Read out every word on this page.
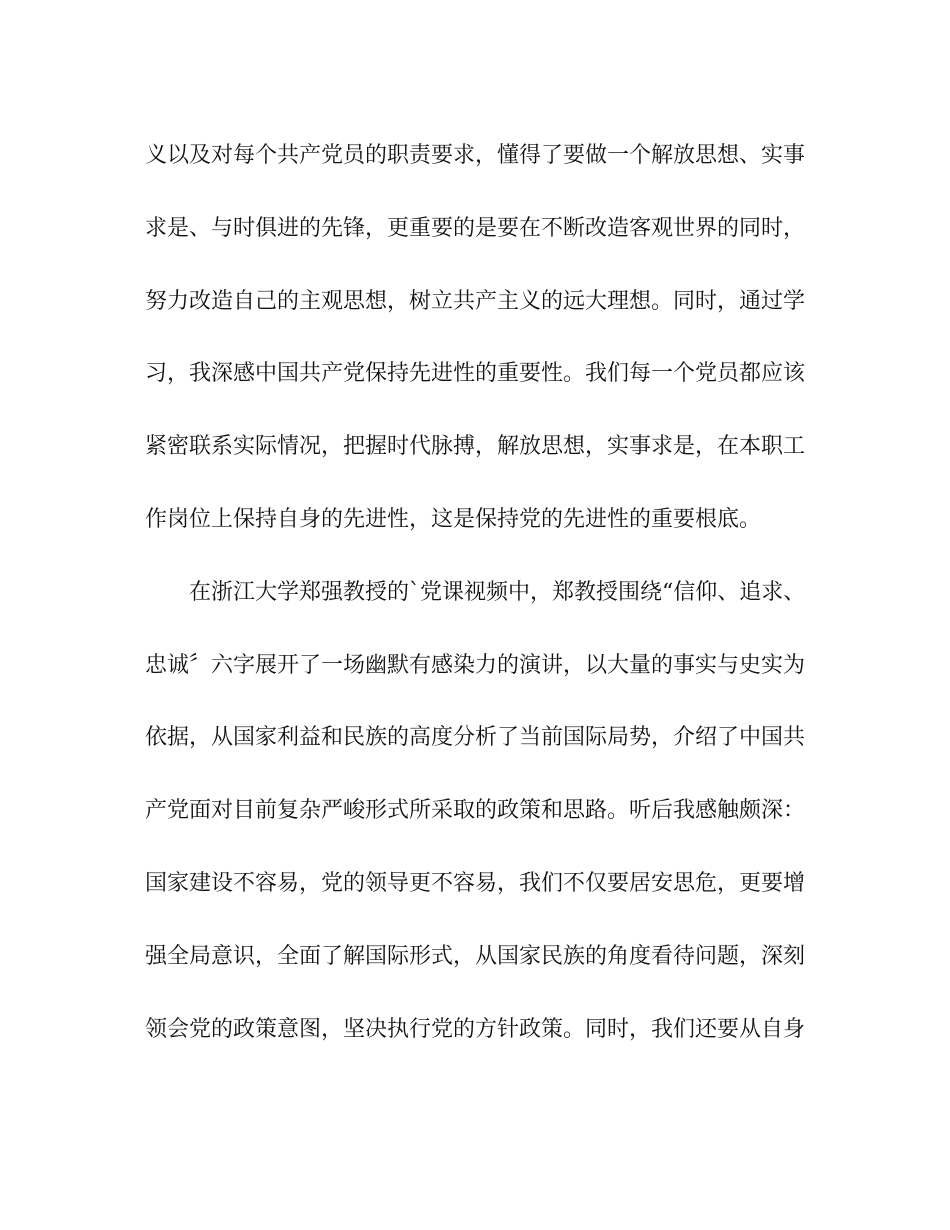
义以及对每个共产党员的职责要求，懂得了要做一个解放思想、实事
求是、与时俱进的先锋，更重要的是要在不断改造客观世界的同时，
努力改造自己的主观思想，树立共产主义的远大理想。同时，通过学
习，我深感中国共产党保持先进性的重要性。我们每一个党员都应该
紧密联系实际情况，把握时代脉搏，解放思想，实事求是，在本职工
作岗位上保持自身的先进性，这是保持党的先进性的重要根底。
在浙江大学郑强教授的`党课视频中，郑教授围绕“信仰、追求、
忠诚〞六字展开了一场幽默有感染力的演讲，以大量的事实与史实为
依据，从国家利益和民族的高度分析了当前国际局势，介绍了中国共
产党面对目前复杂严峻形式所采取的政策和思路。听后我感触颇深：
国家建设不容易，党的领导更不容易，我们不仅要居安思危，更要增
强全局意识，全面了解国际形式，从国家民族的角度看待问题，深刻
领会党的政策意图，坚决执行党的方针政策。同时，我们还要从自身
